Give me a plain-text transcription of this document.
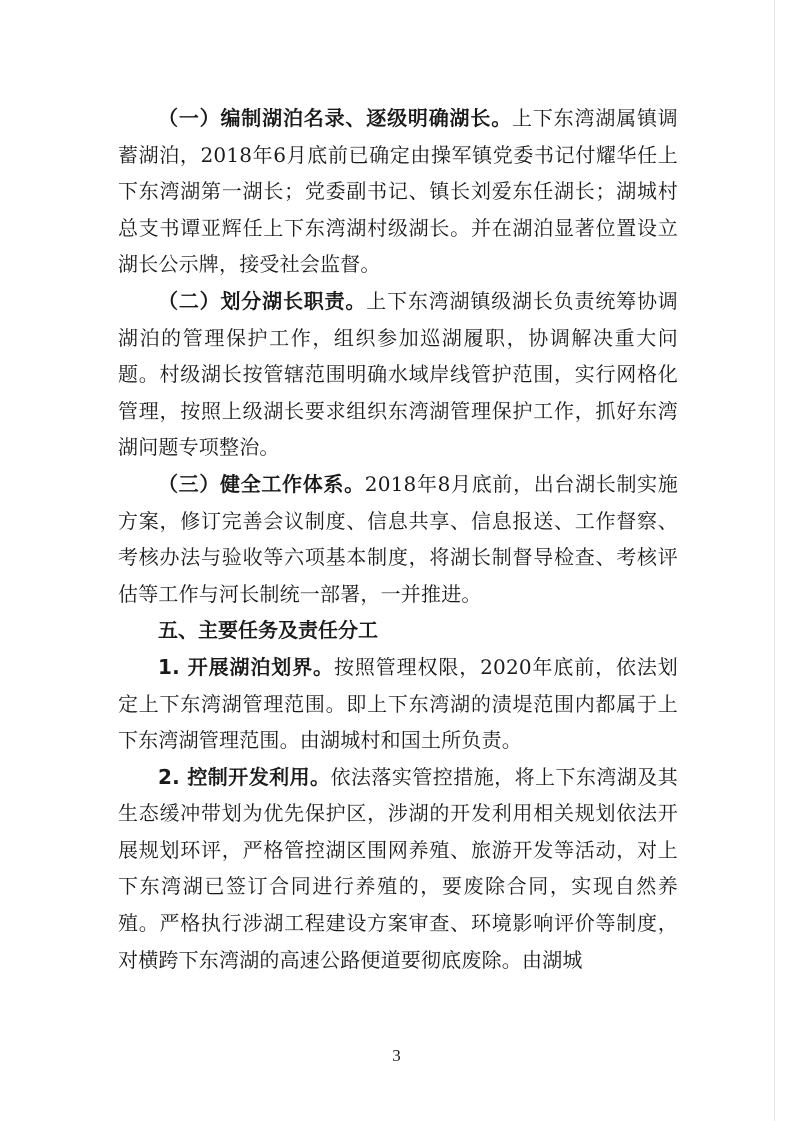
（一）编制湖泊名录、逐级明确湖长。上下东湾湖属镇调蓄湖泊，2018年6月底前已确定由操军镇党委书记付耀华任上下东湾湖第一湖长；党委副书记、镇长刘爱东任湖长；湖城村总支书谭亚辉任上下东湾湖村级湖长。并在湖泊显著位置设立湖长公示牌，接受社会监督。

（二）划分湖长职责。上下东湾湖镇级湖长负责统筹协调湖泊的管理保护工作，组织参加巡湖履职，协调解决重大问题。村级湖长按管辖范围明确水域岸线管护范围，实行网格化管理，按照上级湖长要求组织东湾湖管理保护工作，抓好东湾湖问题专项整治。

（三）健全工作体系。2018年8月底前，出台湖长制实施方案，修订完善会议制度、信息共享、信息报送、工作督察、考核办法与验收等六项基本制度，将湖长制督导检查、考核评估等工作与河长制统一部署，一并推进。

五、主要任务及责任分工

1. 开展湖泊划界。按照管理权限，2020年底前，依法划定上下东湾湖管理范围。即上下东湾湖的渍堤范围内都属于上下东湾湖管理范围。由湖城村和国土所负责。

2. 控制开发利用。依法落实管控措施，将上下东湾湖及其生态缓冲带划为优先保护区，涉湖的开发利用相关规划依法开展规划环评，严格管控湖区围网养殖、旅游开发等活动，对上下东湾湖已签订合同进行养殖的，要废除合同，实现自然养殖。严格执行涉湖工程建设方案审查、环境影响评价等制度，对横跨下东湾湖的高速公路便道要彻底废除。由湖城

3
